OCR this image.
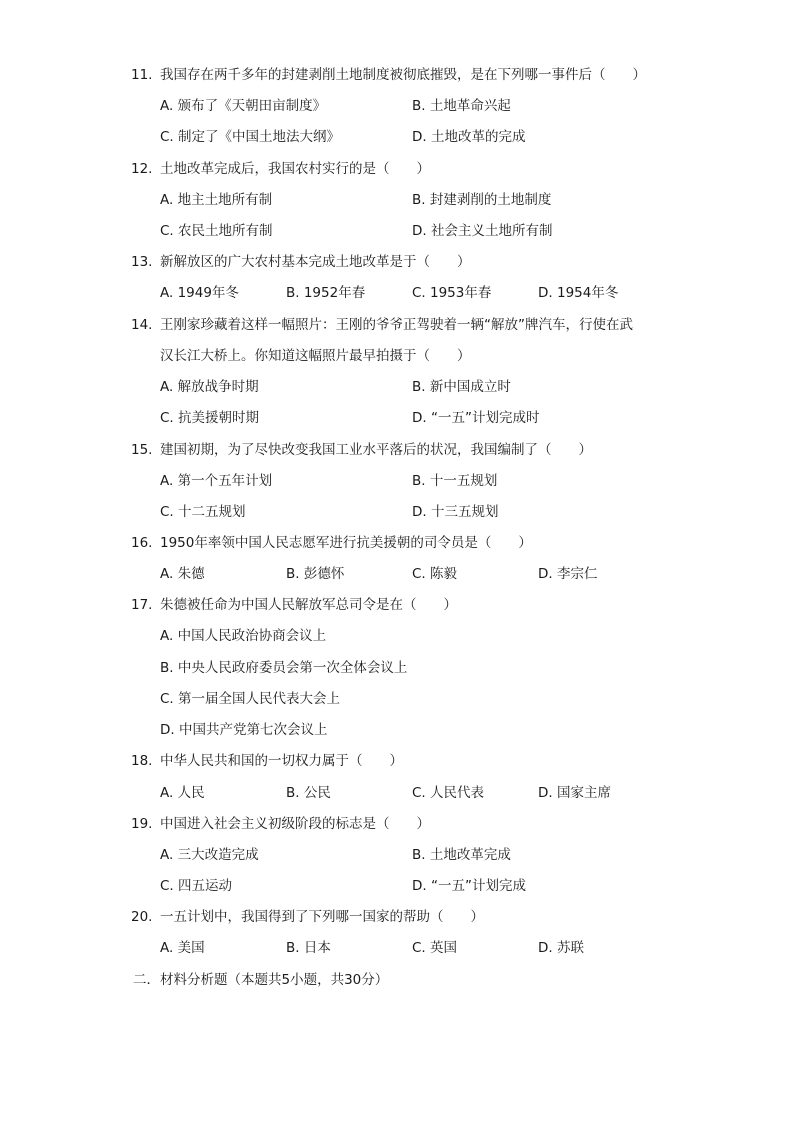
11. 我国存在两千多年的封建剥削土地制度被彻底摧毁，是在下列哪一事件后（　　）
A. 颁布了《天朝田亩制度》	B. 土地革命兴起
C. 制定了《中国土地法大纲》	D. 土地改革的完成
12. 土地改革完成后，我国农村实行的是（　　）
A. 地主土地所有制	B. 封建剥削的土地制度
C. 农民土地所有制	D. 社会主义土地所有制
13. 新解放区的广大农村基本完成土地改革是于（　　）
A. 1949年冬	B. 1952年春	C. 1953年春	D. 1954年冬
14. 王刚家珍藏着这样一幅照片：王刚的爷爷正驾驶着一辆“解放”牌汽车，行使在武
汉长江大桥上。你知道这幅照片最早拍摄于（　　）
A. 解放战争时期	B. 新中国成立时
C. 抗美援朝时期	D. “一五”计划完成时
15. 建国初期，为了尽快改变我国工业水平落后的状况，我国编制了（　　）
A. 第一个五年计划	B. 十一五规划
C. 十二五规划	D. 十三五规划
16. 1950年率领中国人民志愿军进行抗美援朝的司令员是（　　）
A. 朱德	B. 彭德怀	C. 陈毅	D. 李宗仁
17. 朱德被任命为中国人民解放军总司令是在（　　）
A. 中国人民政治协商会议上
B. 中央人民政府委员会第一次全体会议上
C. 第一届全国人民代表大会上
D. 中国共产党第七次会议上
18. 中华人民共和国的一切权力属于（　　）
A. 人民	B. 公民	C. 人民代表	D. 国家主席
19. 中国进入社会主义初级阶段的标志是（　　）
A. 三大改造完成	B. 土地改革完成
C. 四五运动	D. “一五”计划完成
20. 一五计划中，我国得到了下列哪一国家的帮助（　　）
A. 美国	B. 日本	C. 英国	D. 苏联
二．材料分析题（本题共5小题，共30分）
